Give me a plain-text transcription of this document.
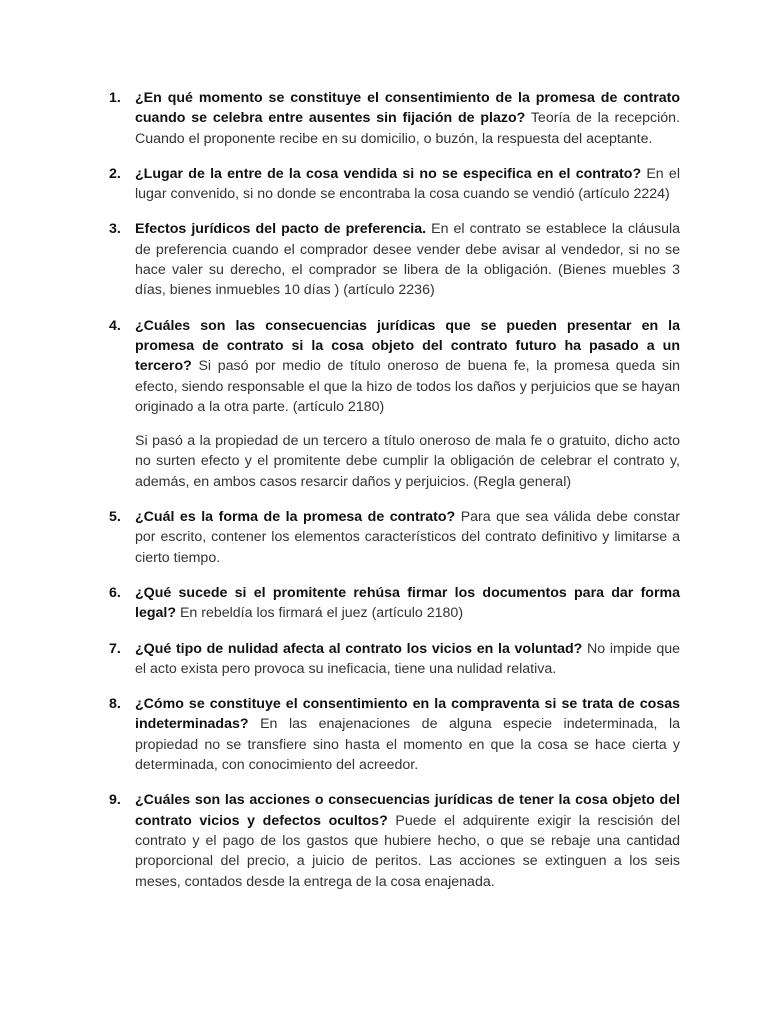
1. ¿En qué momento se constituye el consentimiento de la promesa de contrato cuando se celebra entre ausentes sin fijación de plazo? Teoría de la recepción. Cuando el proponente recibe en su domicilio, o buzón, la respuesta del aceptante.

2. ¿Lugar de la entre de la cosa vendida si no se especifica en el contrato? En el lugar convenido, si no donde se encontraba la cosa cuando se vendió (artículo 2224)

3. Efectos jurídicos del pacto de preferencia. En el contrato se establece la cláusula de preferencia cuando el comprador desee vender debe avisar al vendedor, si no se hace valer su derecho, el comprador se libera de la obligación. (Bienes muebles 3 días, bienes inmuebles 10 días ) (artículo 2236)

4. ¿Cuáles son las consecuencias jurídicas que se pueden presentar en la promesa de contrato si la cosa objeto del contrato futuro ha pasado a un tercero? Si pasó por medio de título oneroso de buena fe, la promesa queda sin efecto, siendo responsable el que la hizo de todos los daños y perjuicios que se hayan originado a la otra parte. (artículo 2180)

Si pasó a la propiedad de un tercero a título oneroso de mala fe o gratuito, dicho acto no surten efecto y el promitente debe cumplir la obligación de celebrar el contrato y, además, en ambos casos resarcir daños y perjuicios. (Regla general)

5. ¿Cuál es la forma de la promesa de contrato? Para que sea válida debe constar por escrito, contener los elementos característicos del contrato definitivo y limitarse a cierto tiempo.

6. ¿Qué sucede si el promitente rehúsa firmar los documentos para dar forma legal? En rebeldía los firmará el juez (artículo 2180)

7. ¿Qué tipo de nulidad afecta al contrato los vicios en la voluntad? No impide que el acto exista pero provoca su ineficacia, tiene una nulidad relativa.

8. ¿Cómo se constituye el consentimiento en la compraventa si se trata de cosas indeterminadas? En las enajenaciones de alguna especie indeterminada, la propiedad no se transfiere sino hasta el momento en que la cosa se hace cierta y determinada, con conocimiento del acreedor.

9. ¿Cuáles son las acciones o consecuencias jurídicas de tener la cosa objeto del contrato vicios y defectos ocultos? Puede el adquirente exigir la rescisión del contrato y el pago de los gastos que hubiere hecho, o que se rebaje una cantidad proporcional del precio, a juicio de peritos. Las acciones se extinguen a los seis meses, contados desde la entrega de la cosa enajenada.
